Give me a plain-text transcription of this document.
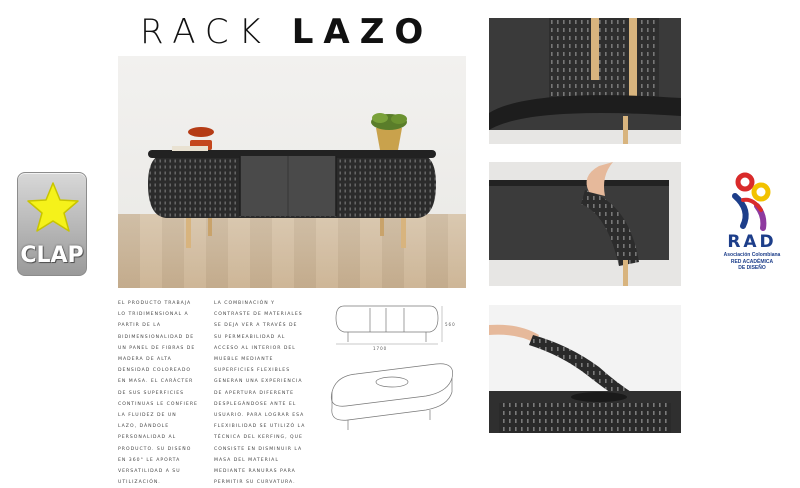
RACK LAZO
CLAP
EL PRODUCTO TRABAJA LO TRIDIMENSIONAL A PARTIR DE LA BIDIMENSIONALIDAD DE UN PANEL DE FIBRAS DE MADERA DE ALTA DENSIDAD COLOREADO EN MASA. EL CARÁCTER DE SUS SUPERFICIES CONTINUAS LE CONFIERE LA FLUIDEZ DE UN LAZO, DÁNDOLE PERSONALIDAD AL PRODUCTO. SU DISEÑO EN 360° LE APORTA VERSATILIDAD A SU UTILIZACIÓN.
LA COMBINACIÓN Y CONTRASTE DE MATERIALES SE DEJA VER A TRAVÉS DE SU PERMEABILIDAD AL ACCESO AL INTERIOR DEL MUEBLE MEDIANTE SUPERFICIES FLEXIBLES GENERAN UNA EXPERIENCIA DE APERTURA DIFERENTE DESPLEGÁNDOSE ANTE EL USUARIO. PARA LOGRAR ESA FLEXIBILIDAD SE UTILIZÓ LA TÉCNICA DEL KERFING, QUE CONSISTE EN DISMINUIR LA MASA DEL MATERIAL MEDIANTE RANURAS PARA PERMITIR SU CURVATURA.
1700
560
RAD
Asociación Colombiana
RED ACADÉMICA
DE DISEÑO
